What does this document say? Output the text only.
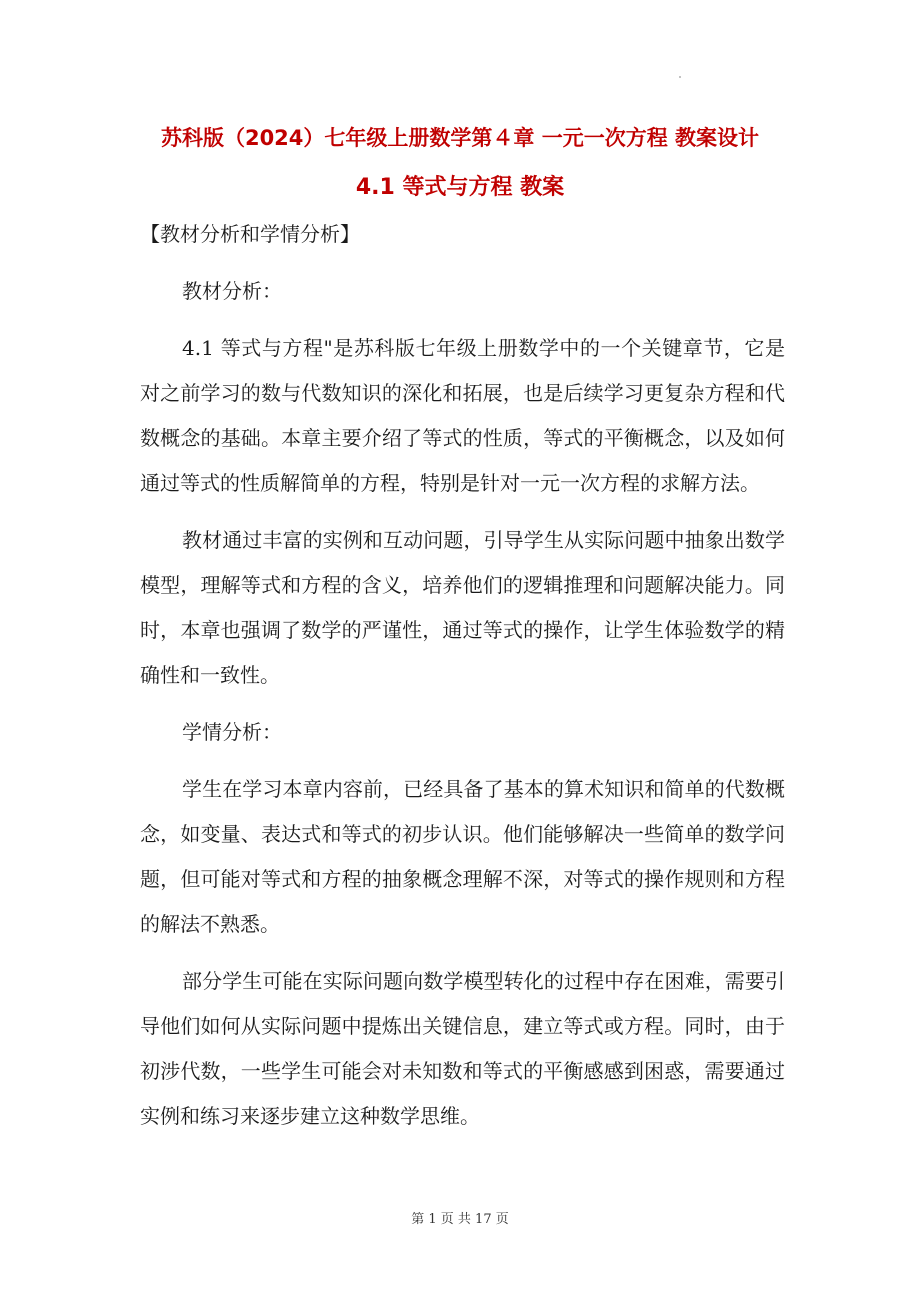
苏科版（2024）七年级上册数学第４章 一元一次方程 教案设计
4.1 等式与方程 教案

【教材分析和学情分析】

教材分析：

4.1 等式与方程"是苏科版七年级上册数学中的一个关键章节，它是对之前学习的数与代数知识的深化和拓展，也是后续学习更复杂方程和代数概念的基础。本章主要介绍了等式的性质，等式的平衡概念，以及如何通过等式的性质解简单的方程，特别是针对一元一次方程的求解方法。

教材通过丰富的实例和互动问题，引导学生从实际问题中抽象出数学模型，理解等式和方程的含义，培养他们的逻辑推理和问题解决能力。同时，本章也强调了数学的严谨性，通过等式的操作，让学生体验数学的精确性和一致性。

学情分析：

学生在学习本章内容前，已经具备了基本的算术知识和简单的代数概念，如变量、表达式和等式的初步认识。他们能够解决一些简单的数学问题，但可能对等式和方程的抽象概念理解不深，对等式的操作规则和方程的解法不熟悉。

部分学生可能在实际问题向数学模型转化的过程中存在困难，需要引导他们如何从实际问题中提炼出关键信息，建立等式或方程。同时，由于初涉代数，一些学生可能会对未知数和等式的平衡感感到困惑，需要通过实例和练习来逐步建立这种数学思维。

第 1 页 共 17 页
